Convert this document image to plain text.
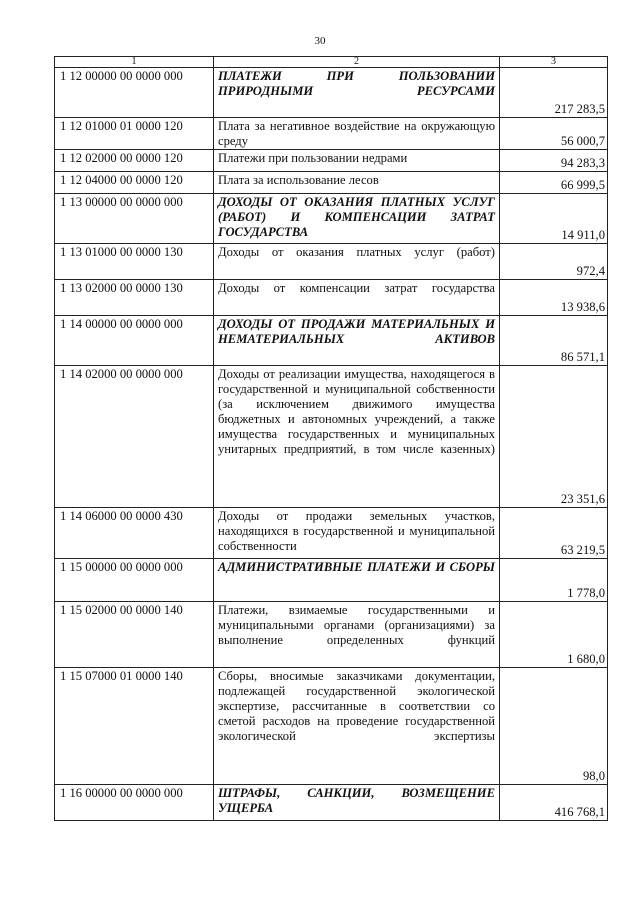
30
1	2	3
1 12 00000 00 0000 000	ПЛАТЕЖИ ПРИ ПОЛЬЗОВАНИИ ПРИРОДНЫМИ РЕСУРСАМИ	217 283,5
1 12 01000 01 0000 120	Плата за негативное воздействие на окружающую среду	56 000,7
1 12 02000 00 0000 120	Платежи при пользовании недрами	94 283,3
1 12 04000 00 0000 120	Плата за использование лесов	66 999,5
1 13 00000 00 0000 000	ДОХОДЫ ОТ ОКАЗАНИЯ ПЛАТНЫХ УСЛУГ (РАБОТ) И КОМПЕНСАЦИИ ЗАТРАТ ГОСУДАРСТВА	14 911,0
1 13 01000 00 0000 130	Доходы от оказания платных услуг (работ)	972,4
1 13 02000 00 0000 130	Доходы от компенсации затрат государства	13 938,6
1 14 00000 00 0000 000	ДОХОДЫ ОТ ПРОДАЖИ МАТЕРИАЛЬНЫХ И НЕМАТЕРИАЛЬНЫХ АКТИВОВ	86 571,1
1 14 02000 00 0000 000	Доходы от реализации имущества, находящегося в государственной и муниципальной собственности (за исключением движимого имущества бюджетных и автономных учреждений, а также имущества государственных и муниципальных унитарных предприятий, в том числе казенных)	23 351,6
1 14 06000 00 0000 430	Доходы от продажи земельных участков, находящихся в государственной и муниципальной собственности	63 219,5
1 15 00000 00 0000 000	АДМИНИСТРАТИВНЫЕ ПЛАТЕЖИ И СБОРЫ	1 778,0
1 15 02000 00 0000 140	Платежи, взимаемые государственными и муниципальными органами (организациями) за выполнение определенных функций	1 680,0
1 15 07000 01 0000 140	Сборы, вносимые заказчиками документации, подлежащей государственной экологической экспертизе, рассчитанные в соответствии со сметой расходов на проведение государственной экологической экспертизы	98,0
1 16 00000 00 0000 000	ШТРАФЫ, САНКЦИИ, ВОЗМЕЩЕНИЕ УЩЕРБА	416 768,1
